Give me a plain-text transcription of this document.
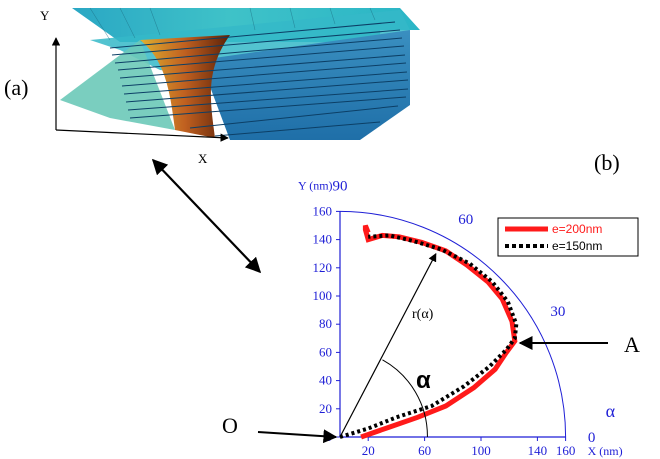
Y
X
(a)
(b)
20
40
60
80
100
120
140
160
20	60	100	140 160
0
30
60
90
Y (nm)
X (nm)
α
e=200nm
e=150nm
O
A
r(α)
α
